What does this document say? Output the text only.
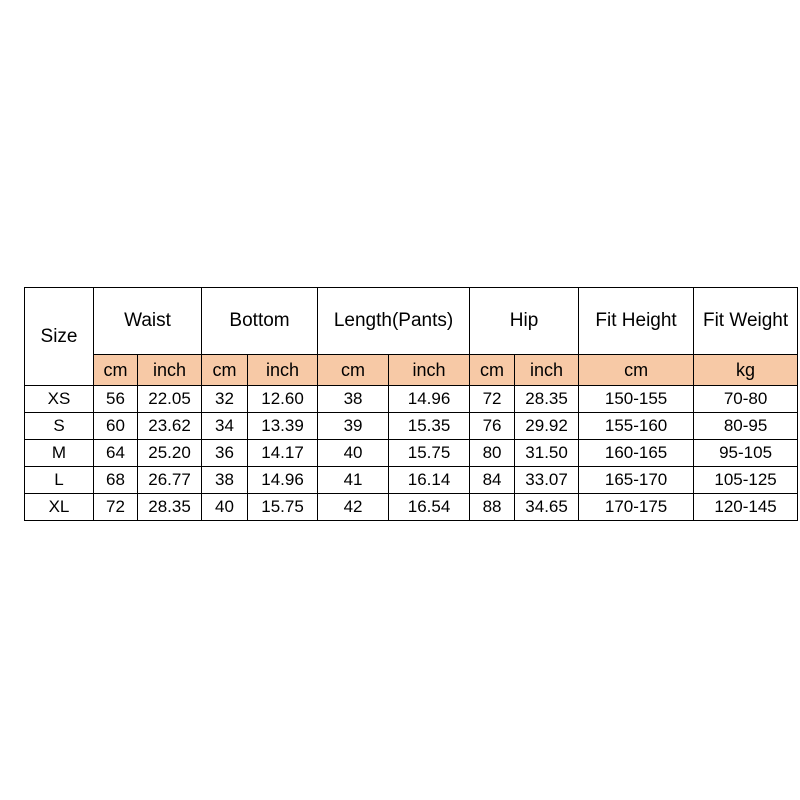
Size	Waist		Bottom		Length(Pants)		Hip		Fit Height	Fit Weight
	cm	inch	cm	inch	cm	inch	cm	inch	cm	kg
XS	56	22.05	32	12.60	38	14.96	72	28.35	150-155	70-80
S	60	23.62	34	13.39	39	15.35	76	29.92	155-160	80-95
M	64	25.20	36	14.17	40	15.75	80	31.50	160-165	95-105
L	68	26.77	38	14.96	41	16.14	84	33.07	165-170	105-125
XL	72	28.35	40	15.75	42	16.54	88	34.65	170-175	120-145
